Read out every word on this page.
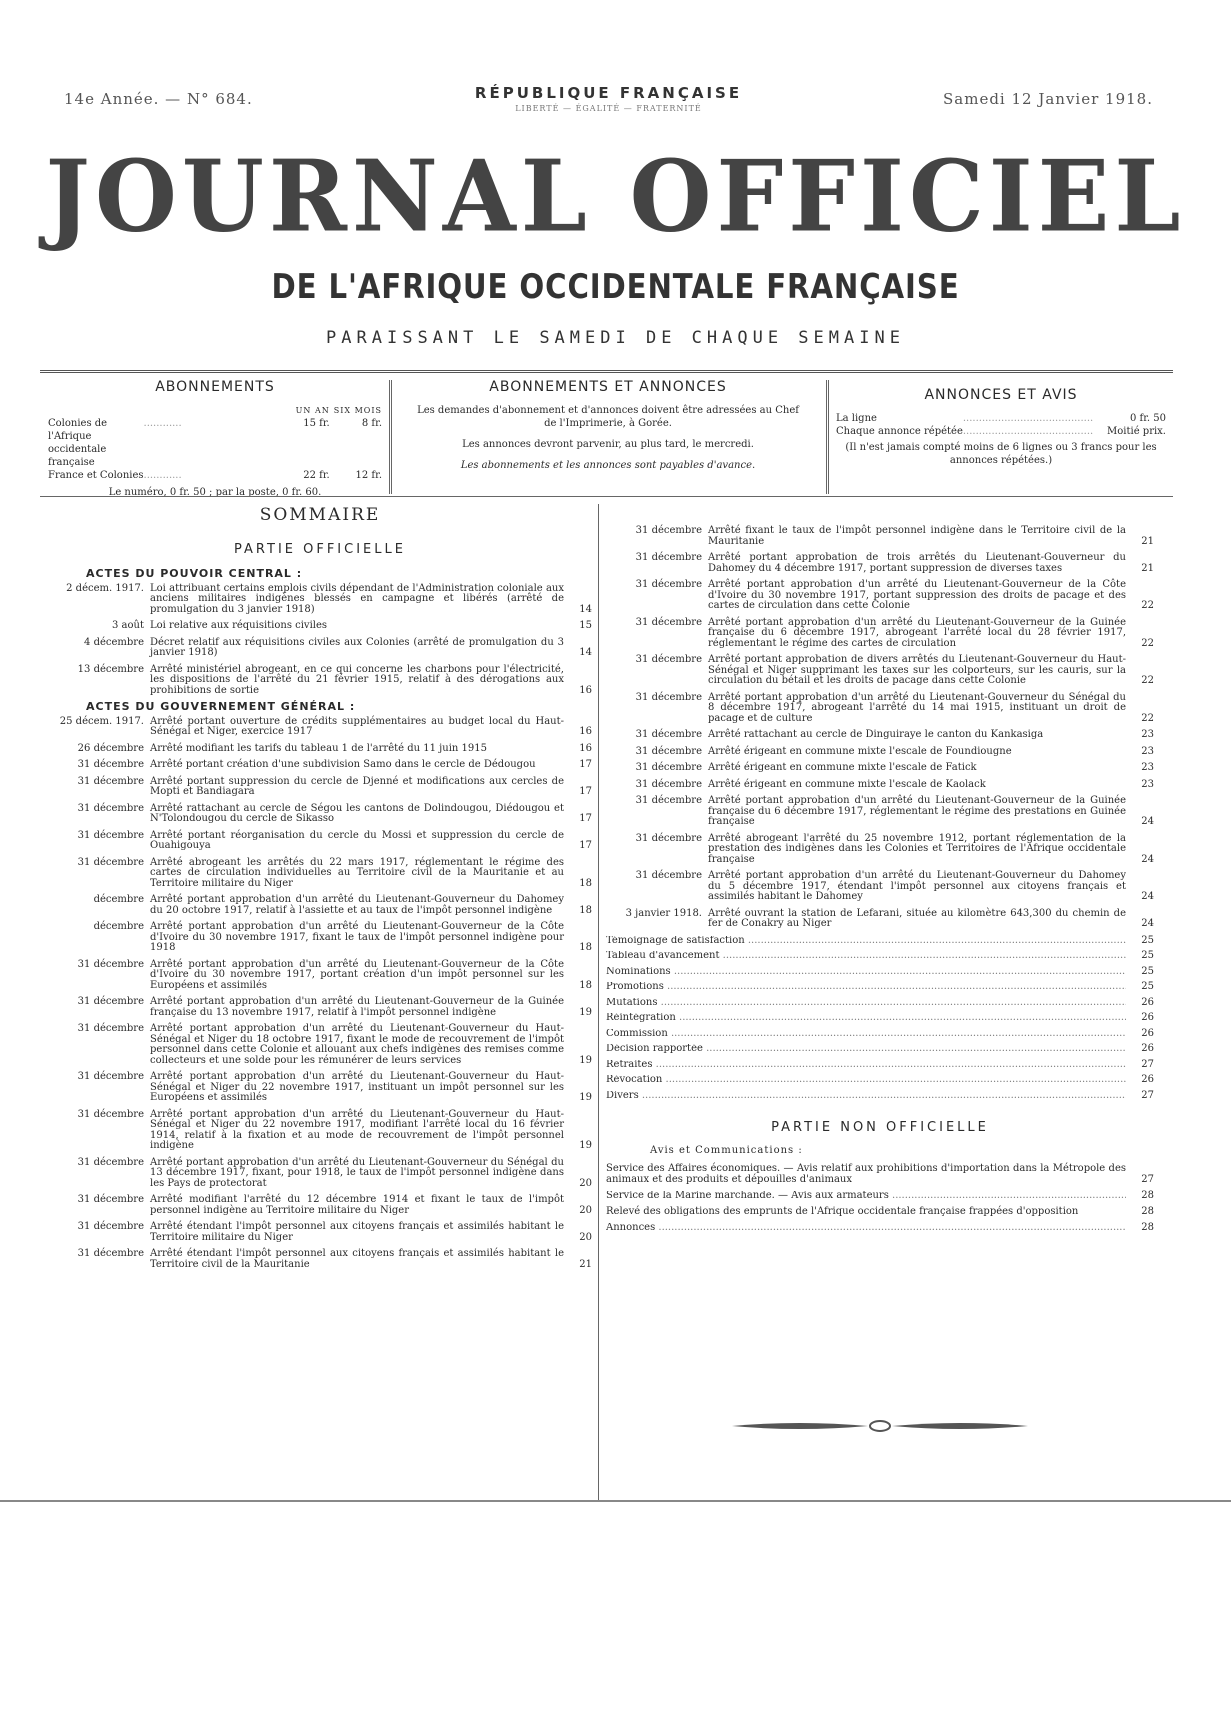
14e Année. — N° 684.	RÉPUBLIQUE FRANÇAISE
LIBERTÉ — ÉGALITÉ — FRATERNITÉ
Samedi 12 Janvier 1918.
JOURNAL OFFICIEL
DE L'AFRIQUE OCCIDENTALE FRANÇAISE
PARAISSANT LE SAMEDI DE CHAQUE SEMAINE
ABONNEMENTS
		UN AN	SIX MOIS
Colonies de l'Afrique occidentale française	............	15 fr.	8 fr.
France et Colonies	............	22 fr.	12 fr.
Le numéro, 0 fr. 50 ; par la poste, 0 fr. 60.
ABONNEMENTS ET ANNONCES
Les demandes d'abonnement et d'annonces doivent être adressées au Chef de l'Imprimerie, à Gorée.
Les annonces devront parvenir, au plus tard, le mercredi.
Les abonnements et les annonces sont payables d'avance.
ANNONCES ET AVIS
La ligne	.........................................	0 fr. 50
Chaque annonce répétée	.........................................	Moitié prix.
(Il n'est jamais compté moins de 6 lignes ou 3 francs pour les annonces répétées.)
SOMMAIRE
PARTIE OFFICIELLE
ACTES DU POUVOIR CENTRAL :
2 décem. 1917. Loi attribuant certains emplois civils dépendant de l'Administration coloniale aux anciens militaires indigènes blessés en campagne et libérés (arrêté de promulgation du 3 janvier 1918)	14
3 août Loi relative aux réquisitions civiles	15
4 décembre Décret relatif aux réquisitions civiles aux Colonies (arrêté de promulgation du 3 janvier 1918)	14
13 décembre Arrêté ministériel abrogeant, en ce qui concerne les charbons pour l'électricité, les dispositions de l'arrêté du 21 février 1915, relatif à des dérogations aux prohibitions de sortie	16
ACTES DU GOUVERNEMENT GÉNÉRAL :
25 décem. 1917. Arrêté portant ouverture de crédits supplémentaires au budget local du Haut-Sénégal et Niger, exercice 1917	16
26 décembre Arrêté modifiant les tarifs du tableau 1 de l'arrêté du 11 juin 1915	16
31 décembre Arrêté portant création d'une subdivision Samo dans le cercle de Dédougou	17
31 décembre Arrêté portant suppression du cercle de Djenné et modifications aux cercles de Mopti et Bandiagara	17
31 décembre Arrêté rattachant au cercle de Ségou les cantons de Dolindougou, Diédougou et N'Tolondougou du cercle de Sikasso	17
31 décembre Arrêté portant réorganisation du cercle du Mossi et suppression du cercle de Ouahigouya	17
31 décembre Arrêté abrogeant les arrêtés du 22 mars 1917, réglementant le régime des cartes de circulation individuelles au Territoire civil de la Mauritanie et au Territoire militaire du Niger	18
décembre Arrêté portant approbation d'un arrêté du Lieutenant-Gouverneur du Dahomey du 20 octobre 1917, relatif à l'assiette et au taux de l'impôt personnel indigène	18
décembre Arrêté portant approbation d'un arrêté du Lieutenant-Gouverneur de la Côte d'Ivoire du 30 novembre 1917, fixant le taux de l'impôt personnel indigène pour 1918	18
31 décembre Arrêté portant approbation d'un arrêté du Lieutenant-Gouverneur de la Côte d'Ivoire du 30 novembre 1917, portant création d'un impôt personnel sur les Européens et assimilés	18
31 décembre Arrêté portant approbation d'un arrêté du Lieutenant-Gouverneur de la Guinée française du 13 novembre 1917, relatif à l'impôt personnel indigène	19
31 décembre Arrêté portant approbation d'un arrêté du Lieutenant-Gouverneur du Haut-Sénégal et Niger du 18 octobre 1917, fixant le mode de recouvrement de l'impôt personnel dans cette Colonie et allouant aux chefs indigènes des remises comme collecteurs et une solde pour les rémunérer de leurs services	19
31 décembre Arrêté portant approbation d'un arrêté du Lieutenant-Gouverneur du Haut-Sénégal et Niger du 22 novembre 1917, instituant un impôt personnel sur les Européens et assimilés	19
31 décembre Arrêté portant approbation d'un arrêté du Lieutenant-Gouverneur du Haut-Sénégal et Niger du 22 novembre 1917, modifiant l'arrêté local du 16 février 1914, relatif à la fixation et au mode de recouvrement de l'impôt personnel indigène	19
31 décembre Arrêté portant approbation d'un arrêté du Lieutenant-Gouverneur du Sénégal du 13 décembre 1917, fixant, pour 1918, le taux de l'impôt personnel indigène dans les Pays de protectorat	20
31 décembre Arrêté modifiant l'arrêté du 12 décembre 1914 et fixant le taux de l'impôt personnel indigène au Territoire militaire du Niger	20
31 décembre Arrêté étendant l'impôt personnel aux citoyens français et assimilés habitant le Territoire militaire du Niger	20
31 décembre Arrêté étendant l'impôt personnel aux citoyens français et assimilés habitant le Territoire civil de la Mauritanie	21
31 décembre Arrêté fixant le taux de l'impôt personnel indigène dans le Territoire civil de la Mauritanie	21
31 décembre Arrêté portant approbation de trois arrêtés du Lieutenant-Gouverneur du Dahomey du 4 décembre 1917, portant suppression de diverses taxes	21
31 décembre Arrêté portant approbation d'un arrêté du Lieutenant-Gouverneur de la Côte d'Ivoire du 30 novembre 1917, portant suppression des droits de pacage et des cartes de circulation dans cette Colonie	22
31 décembre Arrêté portant approbation d'un arrêté du Lieutenant-Gouverneur de la Guinée française du 6 décembre 1917, abrogeant l'arrêté local du 28 février 1917, réglementant le régime des cartes de circulation	22
31 décembre Arrêté portant approbation de divers arrêtés du Lieutenant-Gouverneur du Haut-Sénégal et Niger supprimant les taxes sur les colporteurs, sur les cauris, sur la circulation du bétail et les droits de pacage dans cette Colonie	22
31 décembre Arrêté portant approbation d'un arrêté du Lieutenant-Gouverneur du Sénégal du 8 décembre 1917, abrogeant l'arrêté du 14 mai 1915, instituant un droit de pacage et de culture	22
31 décembre Arrêté rattachant au cercle de Dinguiraye le canton du Kankasiga	23
31 décembre Arrêté érigeant en commune mixte l'escale de Foundiougne	23
31 décembre Arrêté érigeant en commune mixte l'escale de Fatick	23
31 décembre Arrêté érigeant en commune mixte l'escale de Kaolack	23
31 décembre Arrêté portant approbation d'un arrêté du Lieutenant-Gouverneur de la Guinée française du 6 décembre 1917, réglementant le régime des prestations en Guinée française	24
31 décembre Arrêté abrogeant l'arrêté du 25 novembre 1912, portant réglementation de la prestation des indigènes dans les Colonies et Territoires de l'Afrique occidentale française	24
31 décembre Arrêté portant approbation d'un arrêté du Lieutenant-Gouverneur du Dahomey du 5 décembre 1917, étendant l'impôt personnel aux citoyens français et assimilés habitant le Dahomey	24
3 janvier 1918. Arrêté ouvrant la station de Lefarani, située au kilomètre 643,300 du chemin de fer de Conakry au Niger	24
Témoignage de satisfaction .....	25
Tableau d'avancement .....	25
Nominations .....	25
Promotions .....	25
Mutations .....	26
Réintégration .....	26
Commission .....	26
Décision rapportée .....	26
Retraites .....	27
Révocation .....	26
Divers .....	27
PARTIE NON OFFICIELLE
Avis et Communications :
Service des Affaires économiques. — Avis relatif aux prohibitions d'importation dans la Métropole des animaux et des produits et dépouilles d'animaux	27
Service de la Marine marchande. — Avis aux armateurs .....	28
Relevé des obligations des emprunts de l'Afrique occidentale française frappées d'opposition	28
Annonces .....	28
